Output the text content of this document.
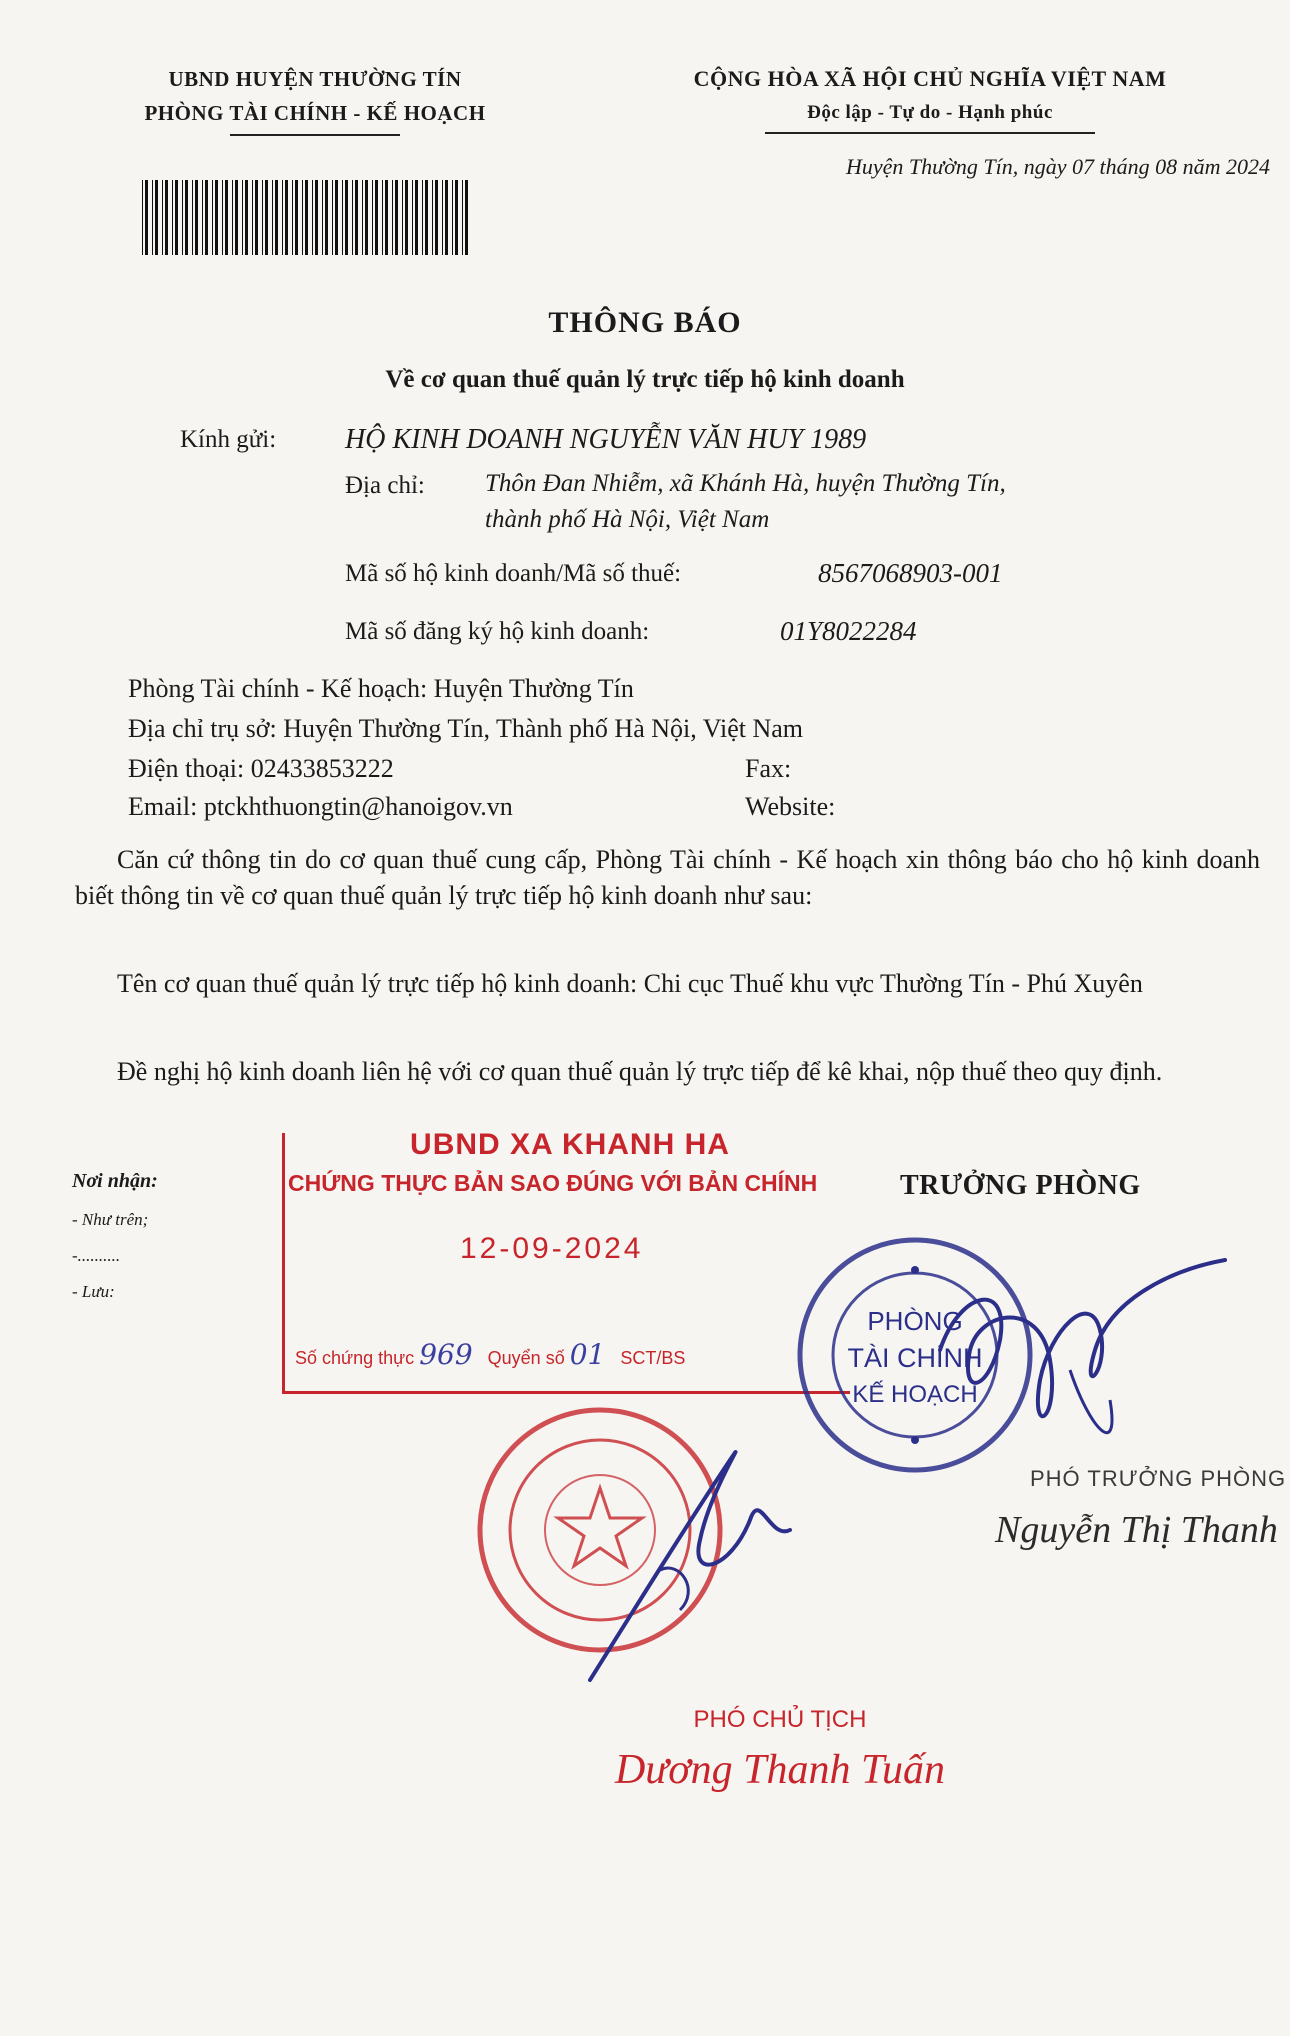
UBND HUYỆN THƯỜNG TÍN
PHÒNG TÀI CHÍNH - KẾ HOẠCH
CỘNG HÒA XÃ HỘI CHỦ NGHĨA VIỆT NAM
Độc lập - Tự do - Hạnh phúc
Huyện Thường Tín, ngày 07 tháng 08 năm 2024
THÔNG BÁO
Về cơ quan thuế quản lý trực tiếp hộ kinh doanh
Kính gửi: HỘ KINH DOANH NGUYỄN VĂN HUY 1989
Địa chỉ: Thôn Đan Nhiễm, xã Khánh Hà, huyện Thường Tín,
thành phố Hà Nội, Việt Nam
Mã số hộ kinh doanh/Mã số thuế:	8567068903-001
Mã số đăng ký hộ kinh doanh:	01Y8022284
Phòng Tài chính - Kế hoạch: Huyện Thường Tín
Địa chỉ trụ sở: Huyện Thường Tín, Thành phố Hà Nội, Việt Nam
Điện thoại: 02433853222	Fax:
Email: ptckhthuongtin@hanoigov.vn	Website:
Căn cứ thông tin do cơ quan thuế cung cấp, Phòng Tài chính - Kế hoạch xin thông báo cho hộ kinh doanh biết thông tin về cơ quan thuế quản lý trực tiếp hộ kinh doanh như sau:
Tên cơ quan thuế quản lý trực tiếp hộ kinh doanh: Chi cục Thuế khu vực Thường Tín - Phú Xuyên
Đề nghị hộ kinh doanh liên hệ với cơ quan thuế quản lý trực tiếp để kê khai, nộp thuế theo quy định.
Nơi nhận:
- Như trên;
-..........
- Lưu:
TRƯỞNG PHÒNG
UBND XA KHANH HA
CHỨNG THỰC BẢN SAO ĐÚNG VỚI BẢN CHÍNH
12-09-2024
Số chứng thực 969 Quyển số 01 SCT/BS
PHÒNG
TÀI CHÍNH
KẾ HOẠCH
PHÓ TRƯỞNG PHÒNG
Nguyễn Thị Thanh
PHÓ CHỦ TỊCH
Dương Thanh Tuấn
